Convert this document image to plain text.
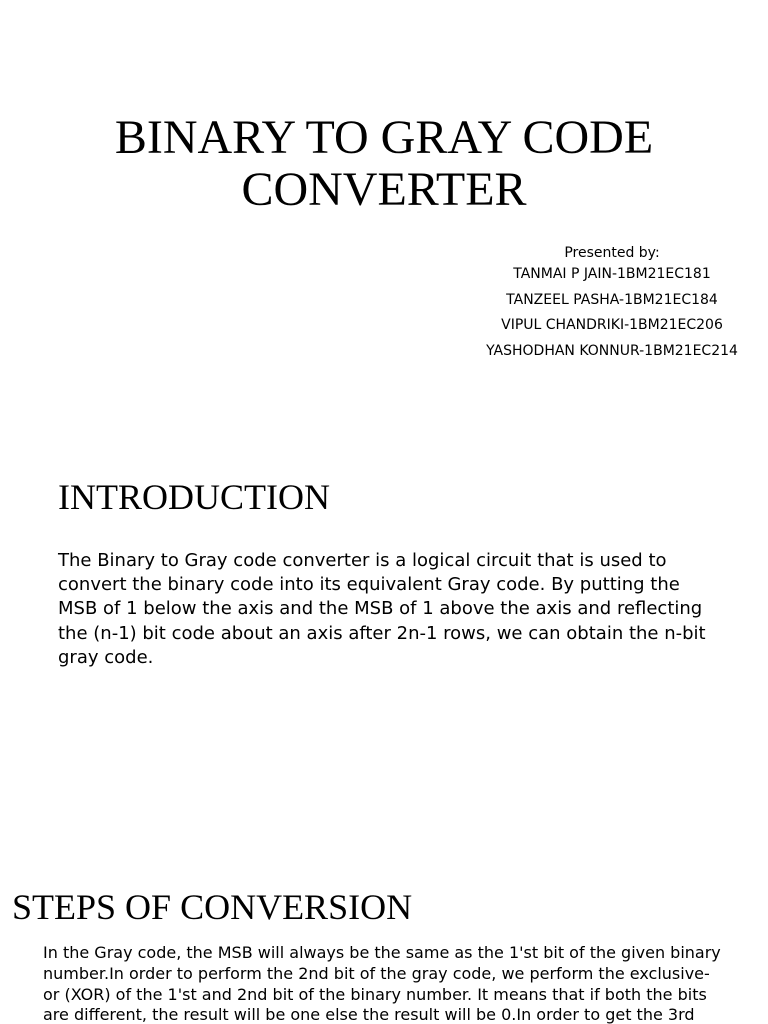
BINARY TO GRAY CODE
CONVERTER
Presented by:
TANMAI P JAIN-1BM21EC181
TANZEEL PASHA-1BM21EC184
VIPUL CHANDRIKI-1BM21EC206
YASHODHAN KONNUR-1BM21EC214
INTRODUCTION

The Binary to Gray code converter is a logical circuit that is used to
convert the binary code into its equivalent Gray code. By putting the
MSB of 1 below the axis and the MSB of 1 above the axis and reflecting
the (n-1) bit code about an axis after 2n-1 rows, we can obtain the n-bit
gray code.

STEPS OF CONVERSION

In the Gray code, the MSB will always be the same as the 1'st bit of the given binary
number.In order to perform the 2nd bit of the gray code, we perform the exclusive-
or (XOR) of the 1'st and 2nd bit of the binary number. It means that if both the bits
are different, the result will be one else the result will be 0.In order to get the 3rd
